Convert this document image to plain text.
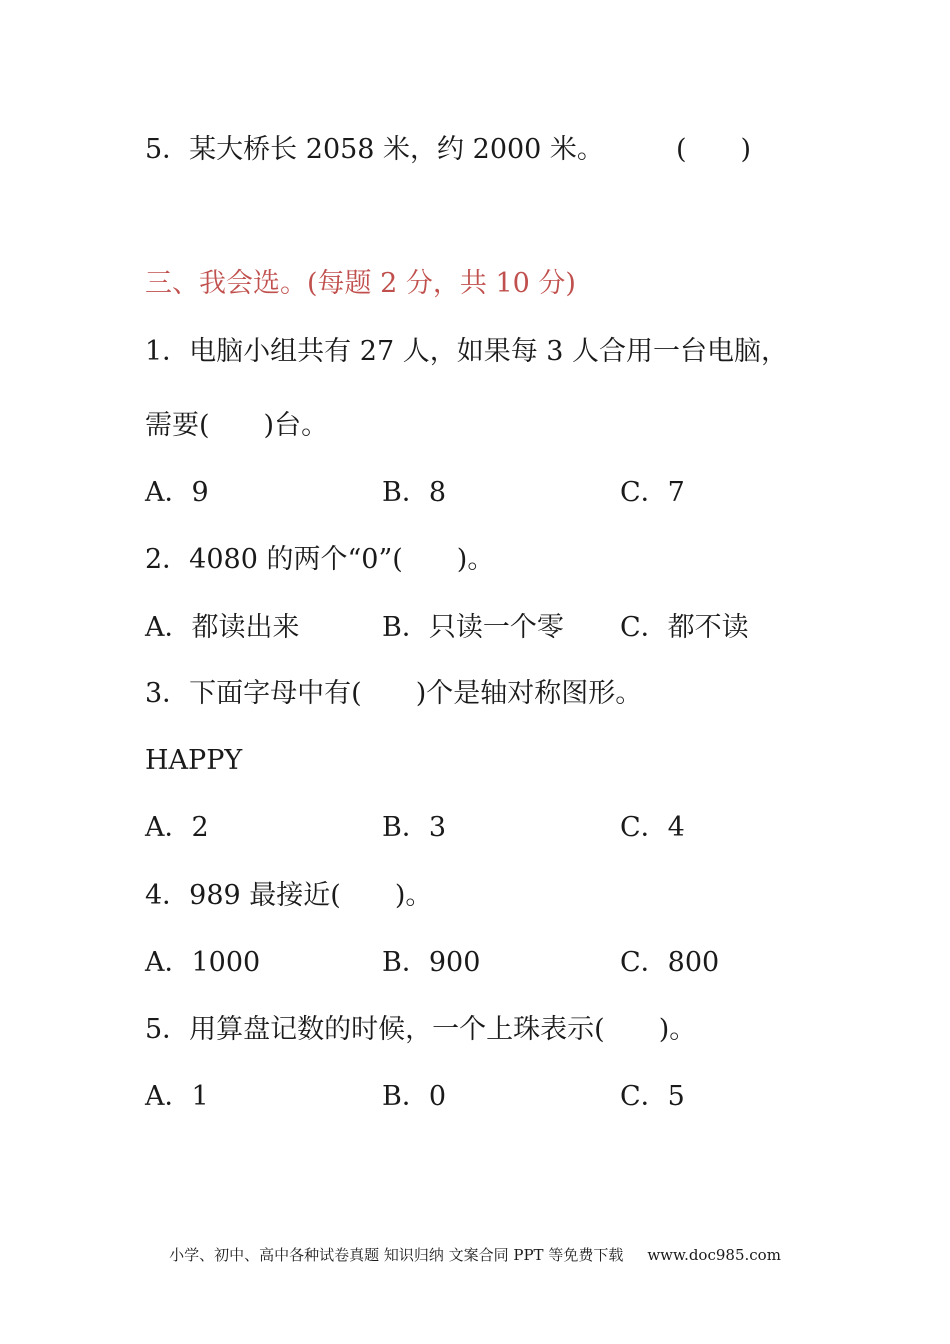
5．某大桥长 2058 米，约 2000 米。	(　　)
三、我会选。(每题 2 分，共 10 分)
1．电脑小组共有 27 人，如果每 3 人合用一台电脑，
需要(　　)台。
A．9	B．8	C．7
2．4080 的两个“0”(　　)。
A．都读出来	B．只读一个零 C．都不读
3．下面字母中有(　　)个是轴对称图形。
HAPPY
A．2	B．3	C．4
4．989 最接近(　　)。
A．1000	B．900	C．800
5．用算盘记数的时候，一个上珠表示(　　)。
A．1	B．0	C．5
小学、初中、高中各种试卷真题 知识归纳 文案合同 PPT 等免费下载 www.doc985.com
